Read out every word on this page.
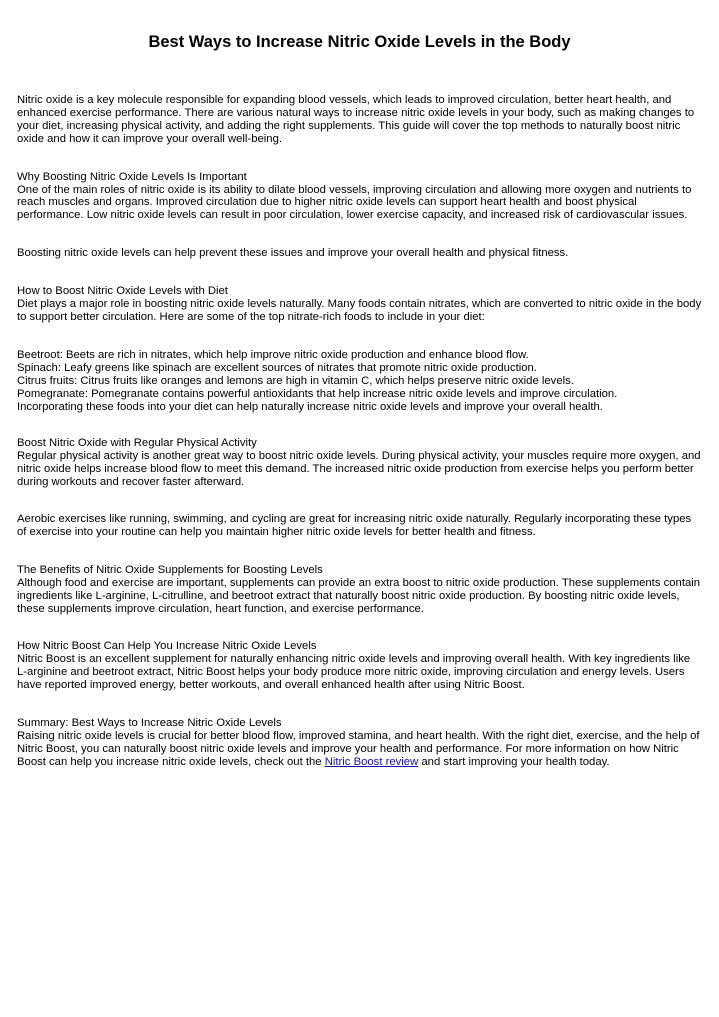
Best Ways to Increase Nitric Oxide Levels in the Body

Nitric oxide is a key molecule responsible for expanding blood vessels, which leads to improved circulation, better heart health, and enhanced exercise performance. There are various natural ways to increase nitric oxide levels in your body, such as making changes to your diet, increasing physical activity, and adding the right supplements. This guide will cover the top methods to naturally boost nitric oxide and how it can improve your overall well-being.

Why Boosting Nitric Oxide Levels Is Important
One of the main roles of nitric oxide is its ability to dilate blood vessels, improving circulation and allowing more oxygen and nutrients to reach muscles and organs. Improved circulation due to higher nitric oxide levels can support heart health and boost physical performance. Low nitric oxide levels can result in poor circulation, lower exercise capacity, and increased risk of cardiovascular issues.

Boosting nitric oxide levels can help prevent these issues and improve your overall health and physical fitness.

How to Boost Nitric Oxide Levels with Diet
Diet plays a major role in boosting nitric oxide levels naturally. Many foods contain nitrates, which are converted to nitric oxide in the body to support better circulation. Here are some of the top nitrate-rich foods to include in your diet:
Beetroot: Beets are rich in nitrates, which help improve nitric oxide production and enhance blood flow.
Spinach: Leafy greens like spinach are excellent sources of nitrates that promote nitric oxide production.
Citrus fruits: Citrus fruits like oranges and lemons are high in vitamin C, which helps preserve nitric oxide levels.
Pomegranate: Pomegranate contains powerful antioxidants that help increase nitric oxide levels and improve circulation.
Incorporating these foods into your diet can help naturally increase nitric oxide levels and improve your overall health.
Boost Nitric Oxide with Regular Physical Activity
Regular physical activity is another great way to boost nitric oxide levels. During physical activity, your muscles require more oxygen, and nitric oxide helps increase blood flow to meet this demand. The increased nitric oxide production from exercise helps you perform better during workouts and recover faster afterward.

Aerobic exercises like running, swimming, and cycling are great for increasing nitric oxide naturally. Regularly incorporating these types of exercise into your routine can help you maintain higher nitric oxide levels for better health and fitness.

The Benefits of Nitric Oxide Supplements for Boosting Levels
Although food and exercise are important, supplements can provide an extra boost to nitric oxide production. These supplements contain ingredients like L-arginine, L-citrulline, and beetroot extract that naturally boost nitric oxide production. By boosting nitric oxide levels, these supplements improve circulation, heart function, and exercise performance.
How Nitric Boost Can Help You Increase Nitric Oxide Levels
Nitric Boost is an excellent supplement for naturally enhancing nitric oxide levels and improving overall health. With key ingredients like L-arginine and beetroot extract, Nitric Boost helps your body produce more nitric oxide, improving circulation and energy levels. Users have reported improved energy, better workouts, and overall enhanced health after using Nitric Boost.
Summary: Best Ways to Increase Nitric Oxide Levels
Raising nitric oxide levels is crucial for better blood flow, improved stamina, and heart health. With the right diet, exercise, and the help of Nitric Boost, you can naturally boost nitric oxide levels and improve your health and performance. For more information on how Nitric Boost can help you increase nitric oxide levels, check out the Nitric Boost review and start improving your health today.
